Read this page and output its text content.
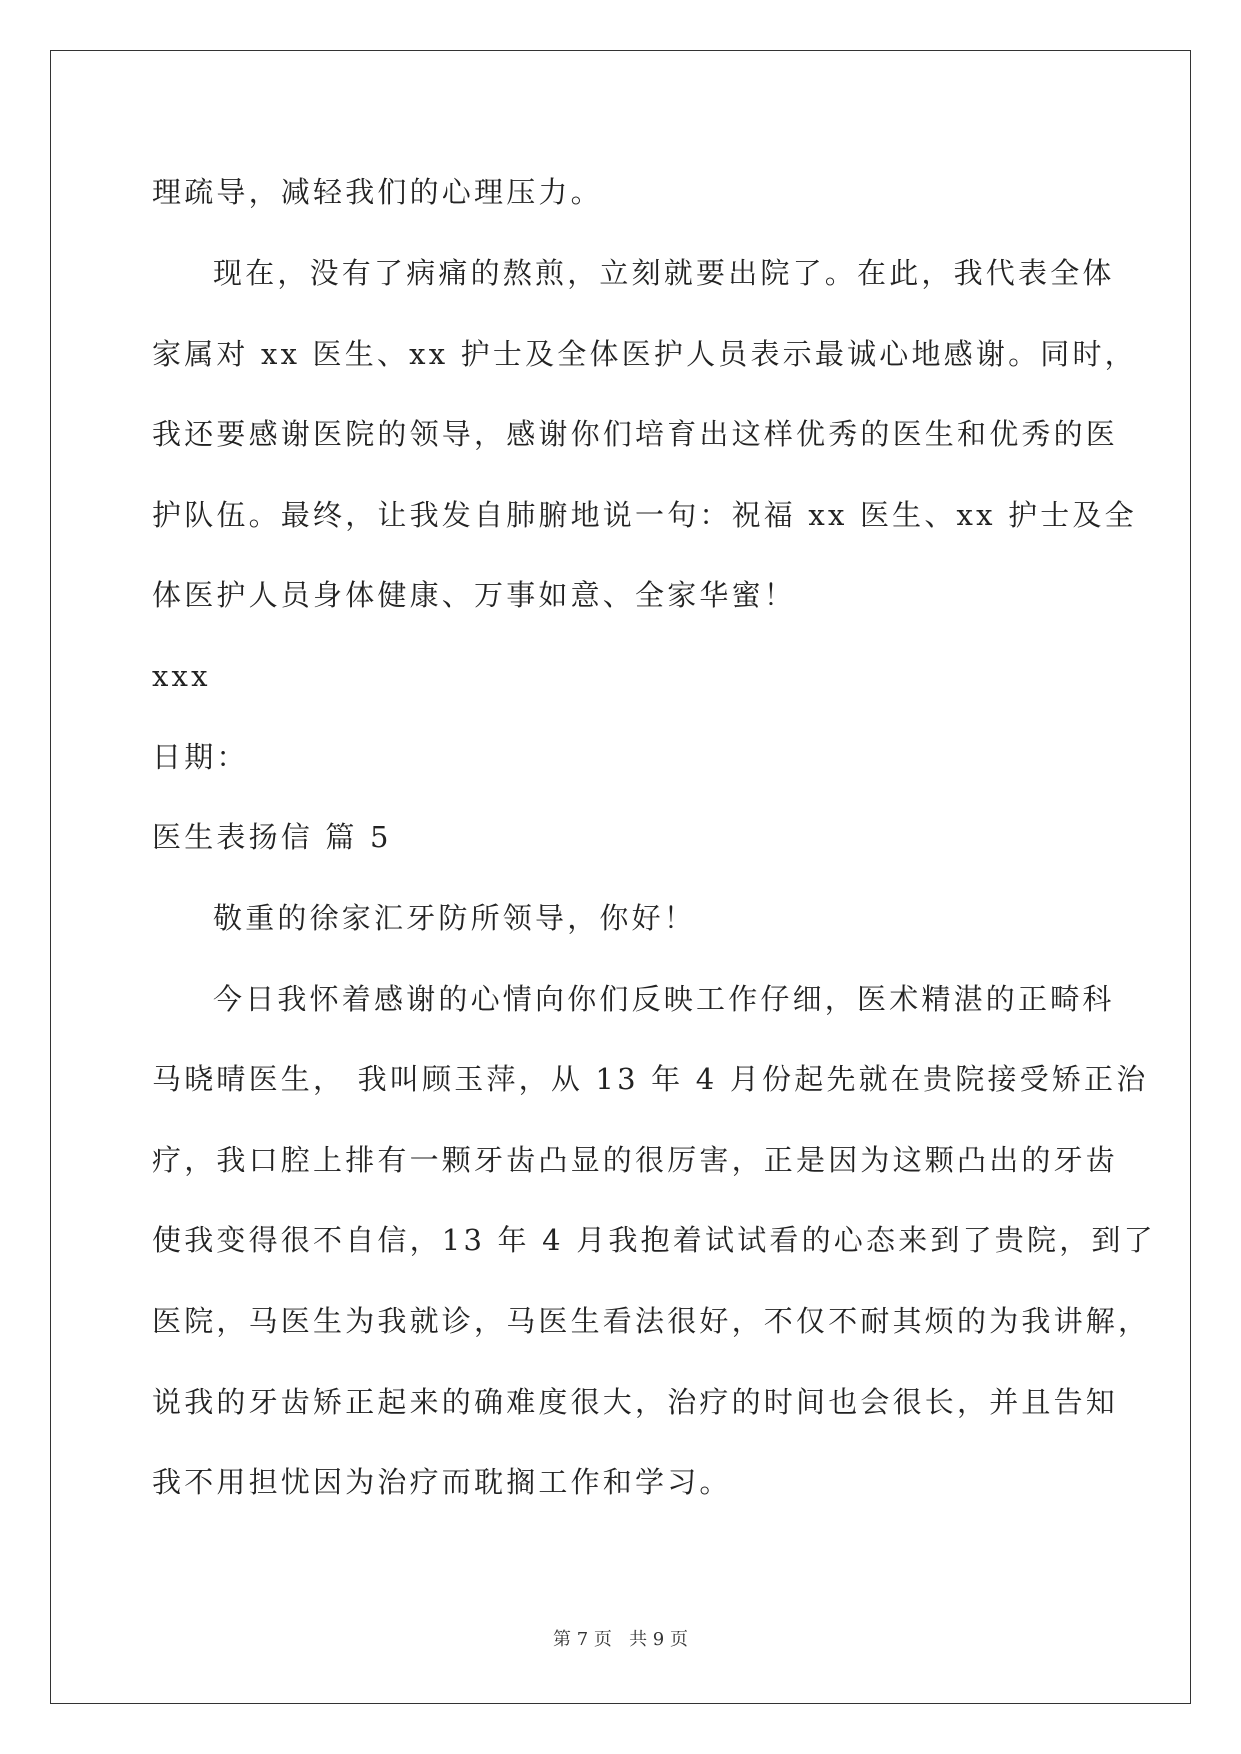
理疏导，减轻我们的心理压力。
现在，没有了病痛的熬煎，立刻就要出院了。在此，我代表全体
家属对 xx 医生、xx 护士及全体医护人员表示最诚心地感谢。同时，
我还要感谢医院的领导，感谢你们培育出这样优秀的医生和优秀的医
护队伍。最终，让我发自肺腑地说一句：祝福 xx 医生、xx 护士及全
体医护人员身体健康、万事如意、全家华蜜！
xxx
日期：
医生表扬信 篇 5
敬重的徐家汇牙防所领导，你好！
今日我怀着感谢的心情向你们反映工作仔细，医术精湛的正畸科
马晓晴医生， 我叫顾玉萍，从 13 年 4 月份起先就在贵院接受矫正治
疗，我口腔上排有一颗牙齿凸显的很厉害，正是因为这颗凸出的牙齿
使我变得很不自信，13 年 4 月我抱着试试看的心态来到了贵院，到了
医院，马医生为我就诊，马医生看法很好，不仅不耐其烦的为我讲解，
说我的牙齿矫正起来的确难度很大，治疗的时间也会很长，并且告知
我不用担忧因为治疗而耽搁工作和学习。
第 7 页   共 9 页
